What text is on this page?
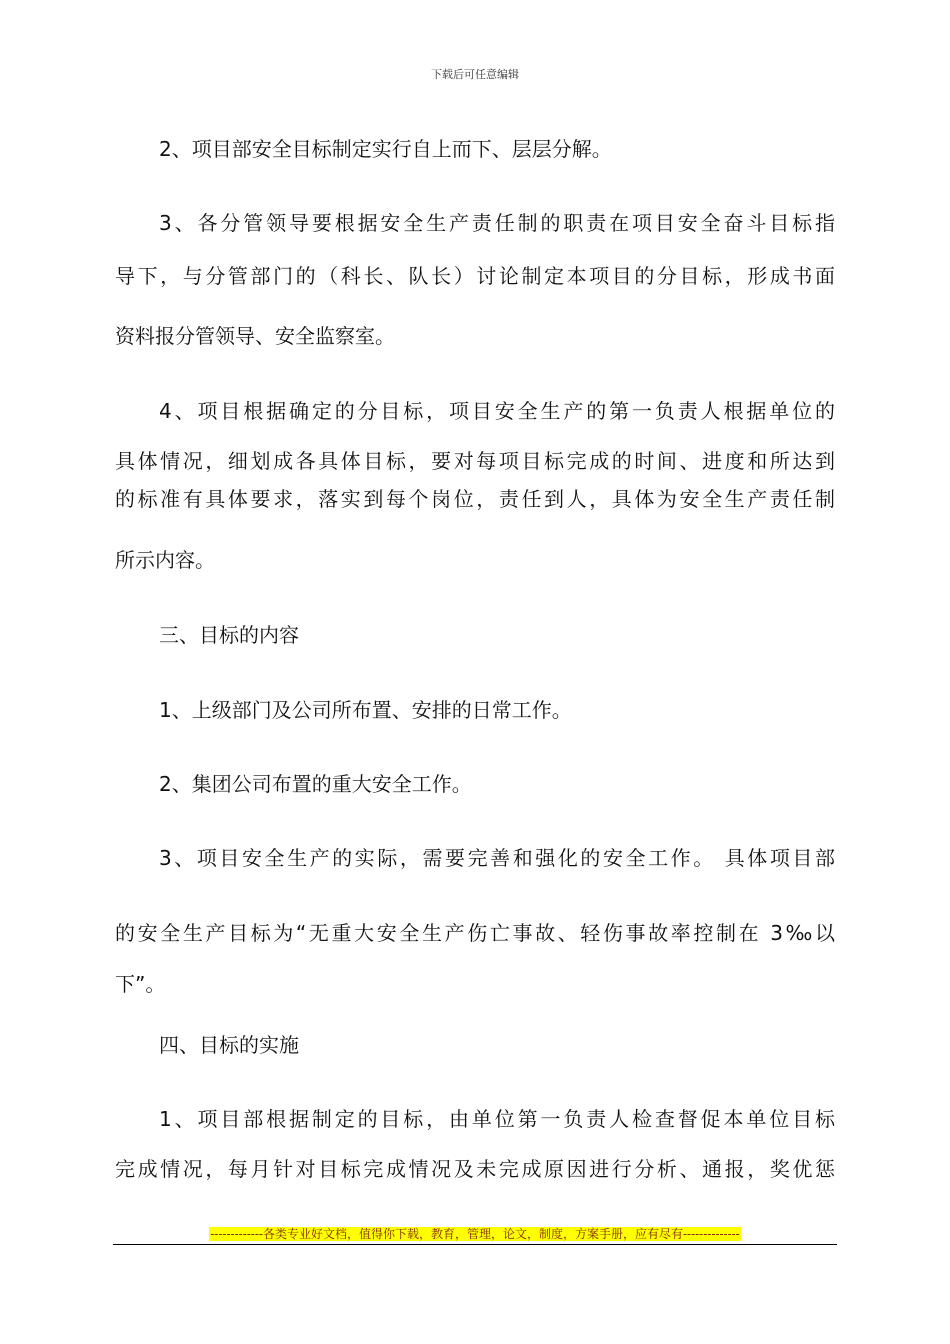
下载后可任意编辑
2、项目部安全目标制定实行自上而下、层层分解。
3、各分管领导要根据安全生产责任制的职责在项目安全奋斗目标指
导下，与分管部门的（科长、队长）讨论制定本项目的分目标，形成书面
资料报分管领导、安全监察室。
4、项目根据确定的分目标，项目安全生产的第一负责人根据单位的
具体情况，细划成各具体目标，要对每项目标完成的时间、进度和所达到
的标准有具体要求，落实到每个岗位，责任到人，具体为安全生产责任制
所示内容。
三、目标的内容
1、上级部门及公司所布置、安排的日常工作。
2、集团公司布置的重大安全工作。
3、项目安全生产的实际，需要完善和强化的安全工作。 具体项目部
的安全生产目标为“无重大安全生产伤亡事故、轻伤事故率控制在 3‰以
下”。
四、目标的实施
1、项目部根据制定的目标，由单位第一负责人检查督促本单位目标
完成情况，每月针对目标完成情况及未完成原因进行分析、通报，奖优惩
-------------各类专业好文档，值得你下载，教育，管理，论文，制度，方案手册，应有尽有--------------
